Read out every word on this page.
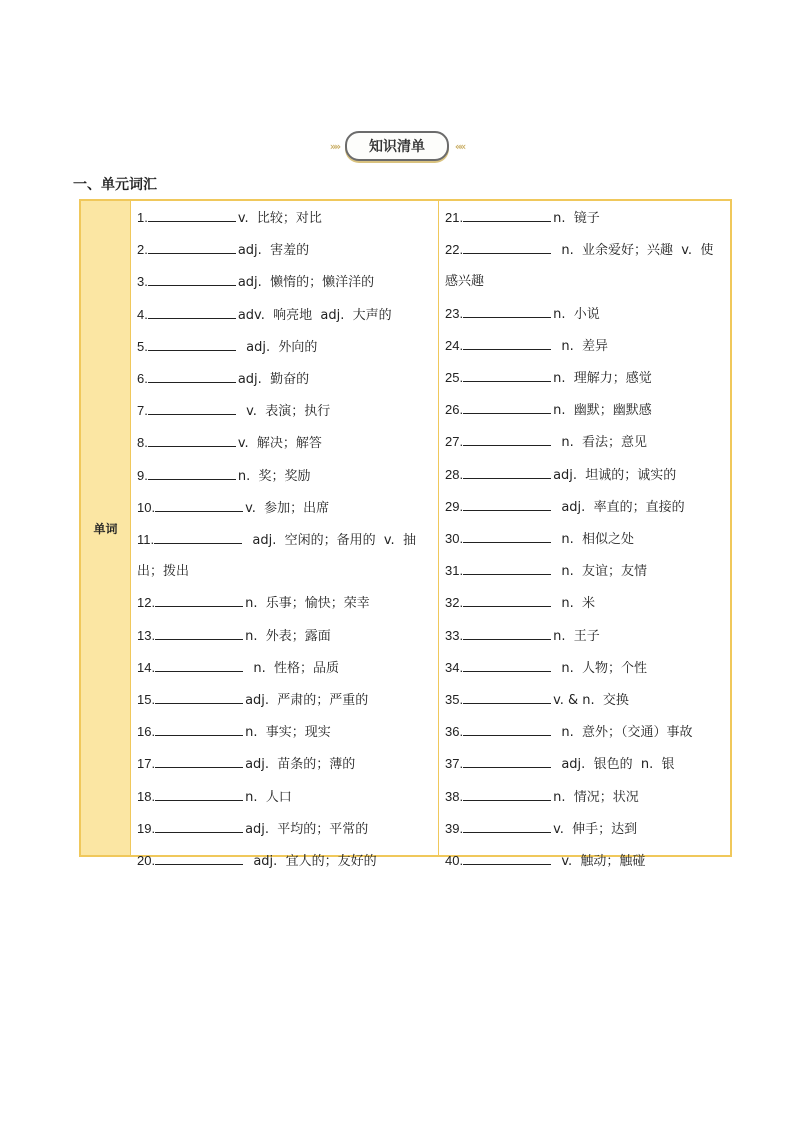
»»	知识清单	««
一、单元词汇
单词
1.	v.  比较；对比
2.	adj.  害羞的
3.	adj.  懒惰的；懒洋洋的
4.	adv.  响亮地  adj.  大声的
5.	adj.  外向的
6.	adj.  勤奋的
7.	v.  表演；执行
8.	v.  解决；解答
9.	n.  奖；奖励
10.	v.  参加；出席
11.	adj.  空闲的；备用的  v.  抽出；拨出
12.	n.  乐事；愉快；荣幸
13.	n.  外表；露面
14.	n.  性格；品质
15.	adj.  严肃的；严重的
16.	n.  事实；现实
17.	adj.  苗条的；薄的
18.	n.  人口
19.	adj.  平均的；平常的
20.	adj.  宜人的；友好的
21.	n.  镜子
22.	n.  业余爱好；兴趣  v.  使感兴趣
23.	n.  小说
24.	n.  差异
25.	n.  理解力；感觉
26.	n.  幽默；幽默感
27.	n.  看法；意见
28.	adj.  坦诚的；诚实的
29.	adj.  率直的；直接的
30.	n.  相似之处
31.	n.  友谊；友情
32.	n.  米
33.	n.  王子
34.	n.  人物；个性
35.	v. & n.  交换
36.	n.  意外；（交通）事故
37.	adj.  银色的  n.  银
38.	n.  情况；状况
39.	v.  伸手；达到
40.	v.  触动；触碰
